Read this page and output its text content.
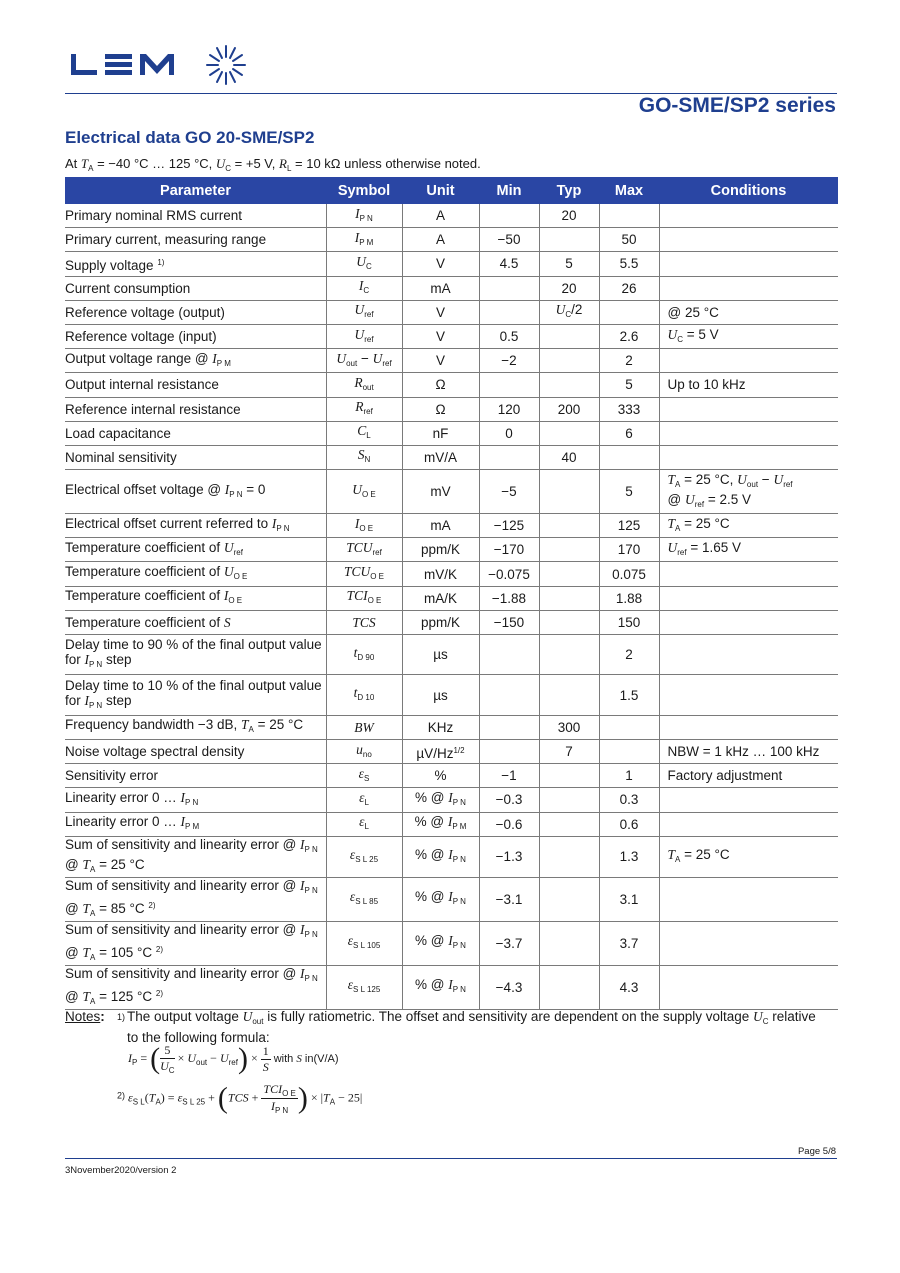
LEM
GO-SME/SP2 series
Electrical data GO 20-SME/SP2
At $T_A = -40$ °C … 125 °C, $U_C = +5$ V, $R_L = 10$ kΩ unless otherwise noted.
Parameter	Symbol	Unit	Min	Typ	Max	Conditions
Primary nominal RMS current	$I_{P N}$	A		20		
Primary current, measuring range	$I_{P M}$	A	−50		50	
Supply voltage $^{1)}$	$U_C$	V	4.5	5	5.5	
Current consumption	$I_C$	mA		20	26	
Reference voltage (output)	$U_{ref}$	V		$U_C/2$		@ 25 °C
Reference voltage (input)	$U_{ref}$	V	0.5		2.6	$U_C = 5$ V
Output voltage range @ $I_{P M}$	$U_{out} - U_{ref}$	V	−2		2	
Output internal resistance	$R_{out}$	Ω			5	Up to 10 kHz
Reference internal resistance	$R_{ref}$	Ω	120	200	333	
Load capacitance	$C_L$	nF	0		6	
Nominal sensitivity	$S_N$	mV/A		40		
Electrical offset voltage @ $I_{P N} = 0$	$U_{O E}$	mV	−5		5	$T_A = 25$ °C, $U_{out} - U_{ref}$
@ $U_{ref} = 2.5$ V
Electrical offset current referred to $I_{P N}$	$I_{O E}$	mA	−125		125	$T_A = 25$ °C
Temperature coefficient of $U_{ref}$	$TCU_{ref}$	ppm/K	−170		170	$U_{ref} = 1.65$ V
Temperature coefficient of $U_{O E}$	$TCU_{O E}$	mV/K	−0.075		0.075	
Temperature coefficient of $I_{O E}$	$TCI_{O E}$	mA/K	−1.88		1.88	
Temperature coefficient of S	TCS	ppm/K	−150		150	
Delay time to 90 % of the final output value for $I_{P N}$ step	$t_{D 90}$	µs			2	
Delay time to 10 % of the final output value for $I_{P N}$ step	$t_{D 10}$	µs			1.5	
Frequency bandwidth −3 dB, $T_A = 25$ °C	BW	KHz		300		
Noise voltage spectral density	$u_{no}$	$\mu V/Hz^{1/2}$		7		NBW = 1 kHz … 100 kHz
Sensitivity error	$\varepsilon_S$	%	−1		1	Factory adjustment
Linearity error 0 … $I_{P N}$	$\varepsilon_L$	% @ $I_{P N}$	−0.3		0.3	
Linearity error 0 … $I_{P M}$	$\varepsilon_L$	% @ $I_{P M}$	−0.6		0.6	
Sum of sensitivity and linearity error @ $I_{P N}$ @ $T_A = 25$ °C	$\varepsilon_{S L 25}$	% @ $I_{P N}$	−1.3		1.3	$T_A = 25$ °C
Sum of sensitivity and linearity error @ $I_{P N}$ @ $T_A = 85$ °C $^{2)}$	$\varepsilon_{S L 85}$	% @ $I_{P N}$	−3.1		3.1	
Sum of sensitivity and linearity error @ $I_{P N}$ @ $T_A = 105$ °C $^{2)}$	$\varepsilon_{S L 105}$	% @ $I_{P N}$	−3.7		3.7	
Sum of sensitivity and linearity error @ $I_{P N}$ @ $T_A = 125$ °C $^{2)}$	$\varepsilon_{S L 125}$	% @ $I_{P N}$	−4.3		4.3	
Notes: 1) The output voltage $U_{out}$ is fully ratiometric. The offset and sensitivity are dependent on the supply voltage $U_C$ relative to the following formula:
$I_P$ = ( $\frac{5}{U_C} \times U_{out} - U_{ref}) \times \frac{1}{S}$ with S in(V/A)
$^{2)}$ $\varepsilon_{S L}(T_A) = \varepsilon_{S L 25} + (TCS + \frac{TCI_{O E}}{I_{P N}}$ ) × $|T_A - 25|$
Page 5/8
3November2020/version 2
